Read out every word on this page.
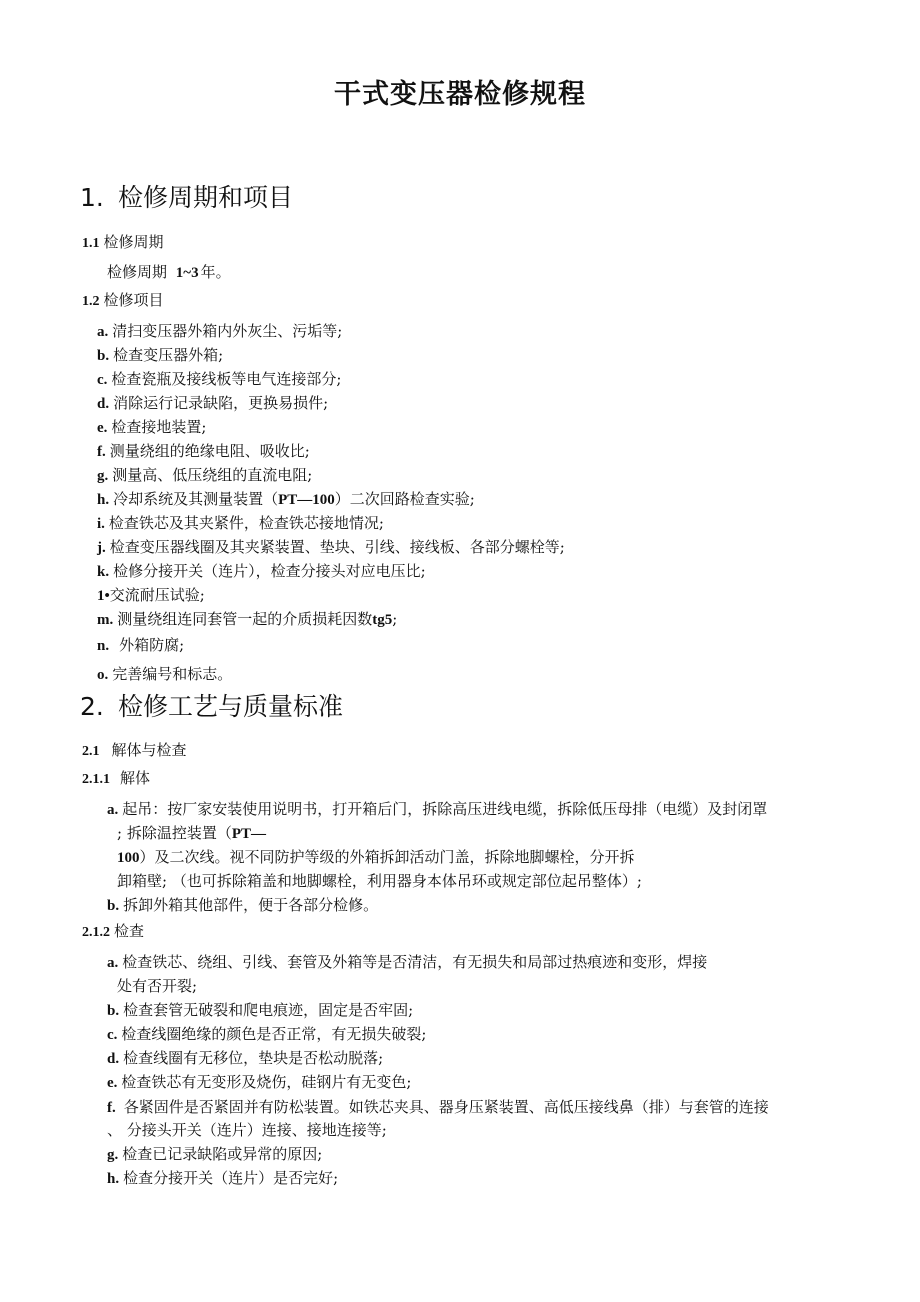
干式变压器检修规程
1. 检修周期和项目
1.1 检修周期
检修周期 1~3 年。
1.2 检修项目
a. 清扫变压器外箱内外灰尘、污垢等;
b. 检查变压器外箱;
c. 检查瓷瓶及接线板等电气连接部分;
d. 消除运行记录缺陷，更换易损件;
e. 检查接地装置;
f. 测量绕组的绝缘电阻、吸收比;
g. 测量高、低压绕组的直流电阻;
h. 冷却系统及其测量装置（PT—100）二次回路检查实验;
i. 检查铁芯及其夹紧件，检查铁芯接地情况;
j. 检查变压器线圈及其夹紧装置、垫块、引线、接线板、各部分螺栓等;
k. 检修分接开关（连片），检查分接头对应电压比;
1•交流耐压试验;
m. 测量绕组连同套管一起的介质损耗因数tg5;
n. 外箱防腐;
o. 完善编号和标志。
2. 检修工艺与质量标准
2.1 解体与检查
2.1.1 解体
a. 起吊：按厂家安装使用说明书，打开箱后门，拆除高压进线电缆，拆除低压母排（电缆）及封闭罩
; 拆除温控装置（PT—
100）及二次线。视不同防护等级的外箱拆卸活动门盖，拆除地脚螺栓，分开拆
卸箱壁; （也可拆除箱盖和地脚螺栓，利用器身本体吊环或规定部位起吊整体）;
b. 拆卸外箱其他部件，便于各部分检修。
2.1.2 检查
a. 检查铁芯、绕组、引线、套管及外箱等是否清洁，有无损失和局部过热痕迹和变形，焊接
处有否开裂;
b. 检查套管无破裂和爬电痕迹，固定是否牢固;
c. 检查线圈绝缘的颜色是否正常，有无损失破裂;
d. 检查线圈有无移位，垫块是否松动脱落;
e. 检查铁芯有无变形及烧伤，硅钢片有无变色;
f. 各紧固件是否紧固并有防松装置。如铁芯夹具、器身压紧装置、高低压接线鼻（排）与套管的连接
、 分接头开关（连片）连接、接地连接等;
g. 检查已记录缺陷或异常的原因;
h. 检查分接开关（连片）是否完好;
